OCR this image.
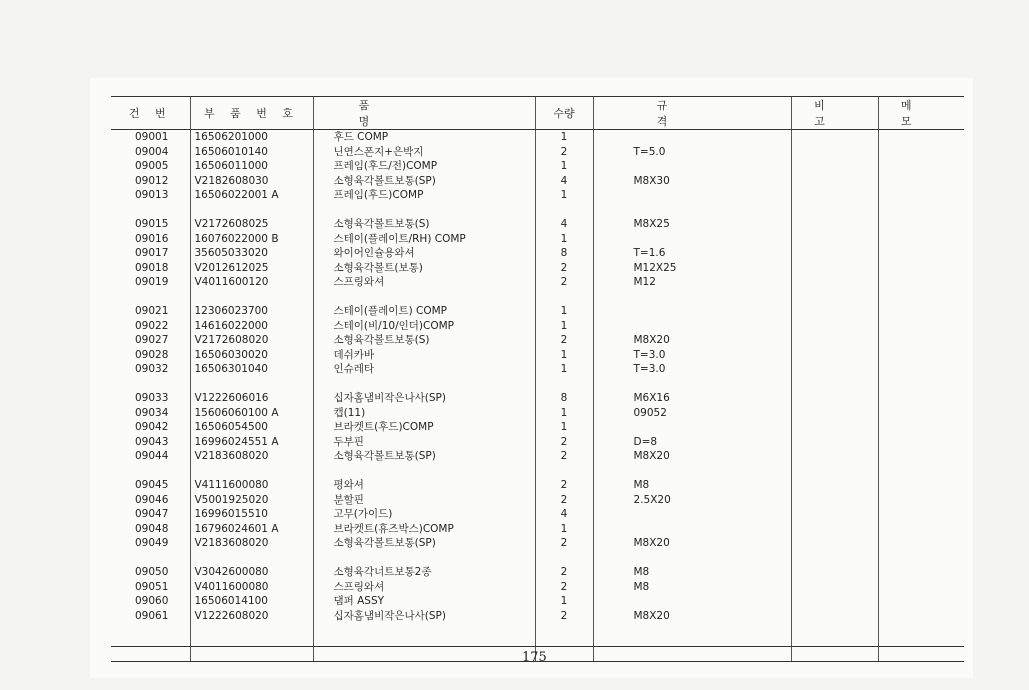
건 번	부 품 번 호	품 명	수량	규 격	비 고	메 모
09001	16506201000	후드 COMP	1			
09004	16506010140	닌연스폰지+은박지	2	T=5.0		
09005	16506011000	프레임(후드/전)COMP	1			
09012	V2182608030	소형육각볼트보통(SP)	4	M8X30		
09013	16506022001 A	프레임(후드)COMP	1			

09015	V2172608025	소형육각볼트보통(S)	4	M8X25		
09016	16076022000 B	스테이(플레이트/RH) COMP	1			
09017	35605033020	와이어인슐용와셔	8	T=1.6		
09018	V2012612025	소형육각볼트(보통)	2	M12X25		
09019	V4011600120	스프링와셔	2	M12		

09021	12306023700	스테이(플레이트) COMP	1			
09022	14616022000	스테이(비/10/인더)COMP	1			
09027	V2172608020	소형육각볼트보통(S)	2	M8X20		
09028	16506030020	데쉬카바	1	T=3.0		
09032	16506301040	인슈레타	1	T=3.0		

09033	V1222606016	십자홈냄비작은나사(SP)	8	M6X16		
09034	15606060100 A	캡(11)	1	09052		
09042	16506054500	브라켓트(후드)COMP	1			
09043	16996024551 A	두부핀	2	D=8		
09044	V2183608020	소형육각볼트보통(SP)	2	M8X20		

09045	V4111600080	평와셔	2	M8		
09046	V5001925020	분할핀	2	2.5X20		
09047	16996015510	고무(가이드)	4			
09048	16796024601 A	브라켓트(휴즈박스)COMP	1			
09049	V2183608020	소형육각볼트보통(SP)	2	M8X20		

09050	V3042600080	소형육각너트보통2종	2	M8		
09051	V4011600080	스프링와셔	2	M8		
09060	16506014100	댐퍼 ASSY	1			
09061	V1222608020	십자홈냄비작은나사(SP)	2	M8X20		

175
